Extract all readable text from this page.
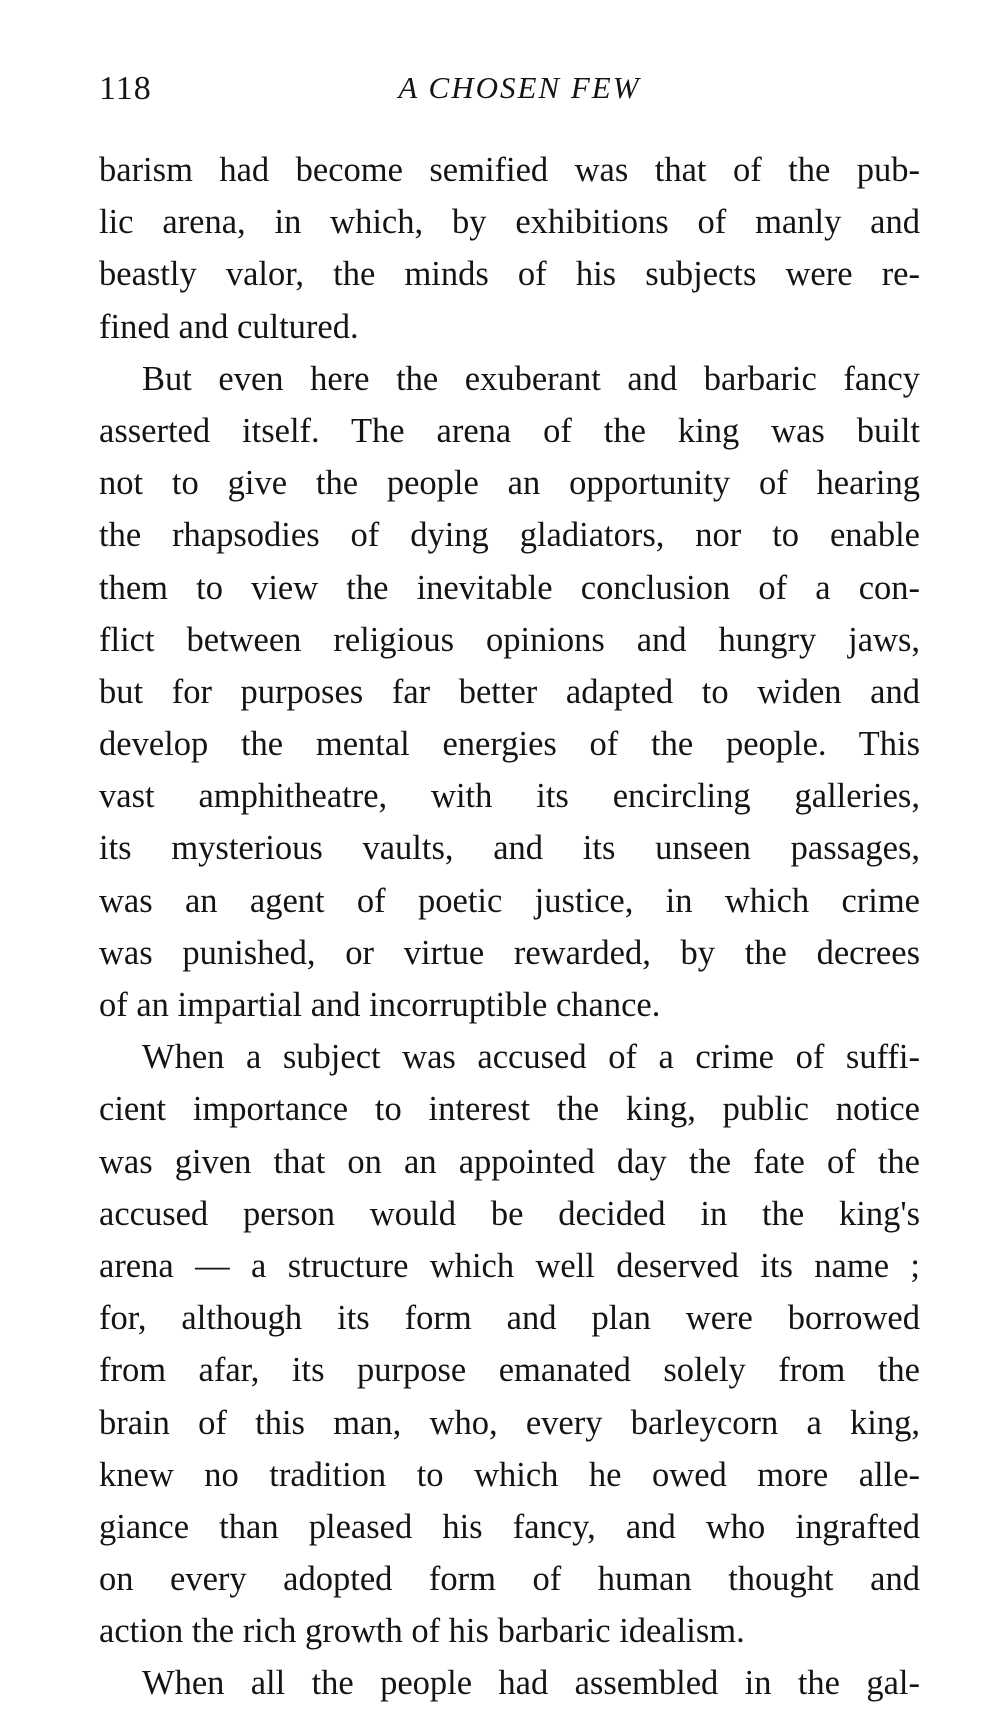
118	A CHOSEN FEW
barism had become semified was that of the pub-
lic arena, in which, by exhibitions of manly and
beastly valor, the minds of his subjects were re-
fined and cultured.
But even here the exuberant and barbaric fancy
asserted itself. The arena of the king was built
not to give the people an opportunity of hearing
the rhapsodies of dying gladiators, nor to enable
them to view the inevitable conclusion of a con-
flict between religious opinions and hungry jaws,
but for purposes far better adapted to widen and
develop the mental energies of the people. This
vast amphitheatre, with its encircling galleries,
its mysterious vaults, and its unseen passages,
was an agent of poetic justice, in which crime
was punished, or virtue rewarded, by the decrees
of an impartial and incorruptible chance.
When a subject was accused of a crime of suffi-
cient importance to interest the king, public notice
was given that on an appointed day the fate of the
accused person would be decided in the king's
arena — a structure which well deserved its name ;
for, although its form and plan were borrowed
from afar, its purpose emanated solely from the
brain of this man, who, every barleycorn a king,
knew no tradition to which he owed more alle-
giance than pleased his fancy, and who ingrafted
on every adopted form of human thought and
action the rich growth of his barbaric idealism.
When all the people had assembled in the gal-
